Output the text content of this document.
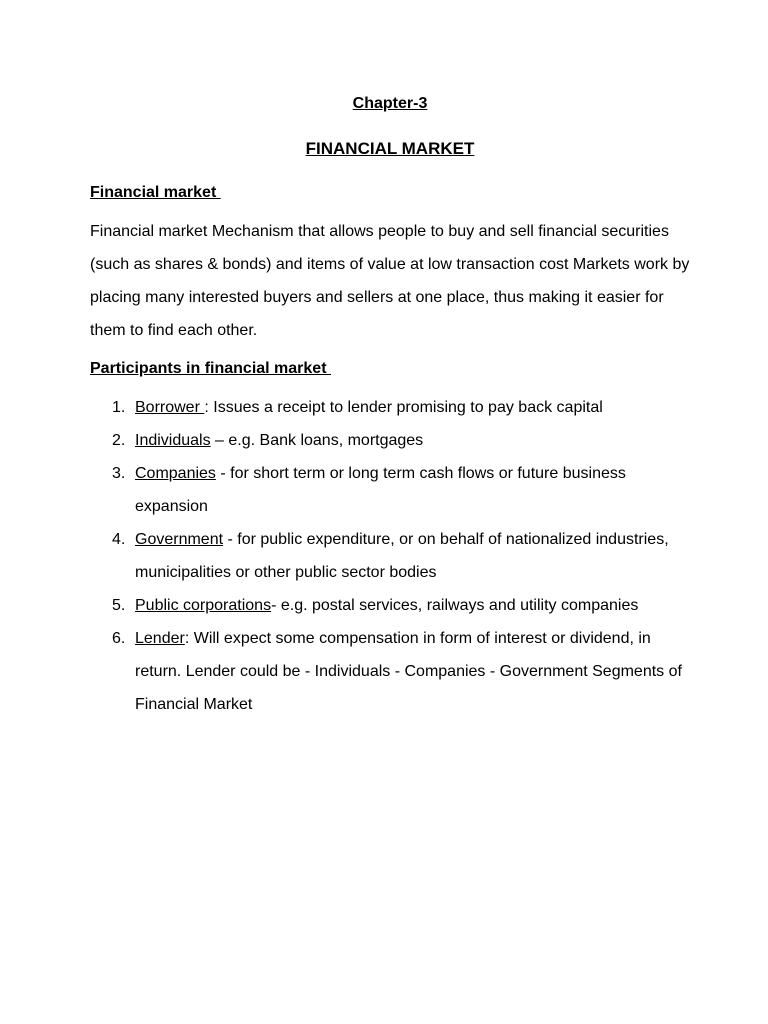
Chapter-3
FINANCIAL MARKET
Financial market

Financial market Mechanism that allows people to buy and sell financial securities (such as shares & bonds) and items of value at low transaction cost Markets work by placing many interested buyers and sellers at one place, thus making it easier for them to find each other.

Participants in financial market
1. Borrower : Issues a receipt to lender promising to pay back capital
2. Individuals – e.g. Bank loans, mortgages
3. Companies - for short term or long term cash flows or future business expansion
4. Government - for public expenditure, or on behalf of nationalized industries, municipalities or other public sector bodies
5. Public corporations- e.g. postal services, railways and utility companies
6. Lender: Will expect some compensation in form of interest or dividend, in return. Lender could be - Individuals - Companies - Government Segments of Financial Market
